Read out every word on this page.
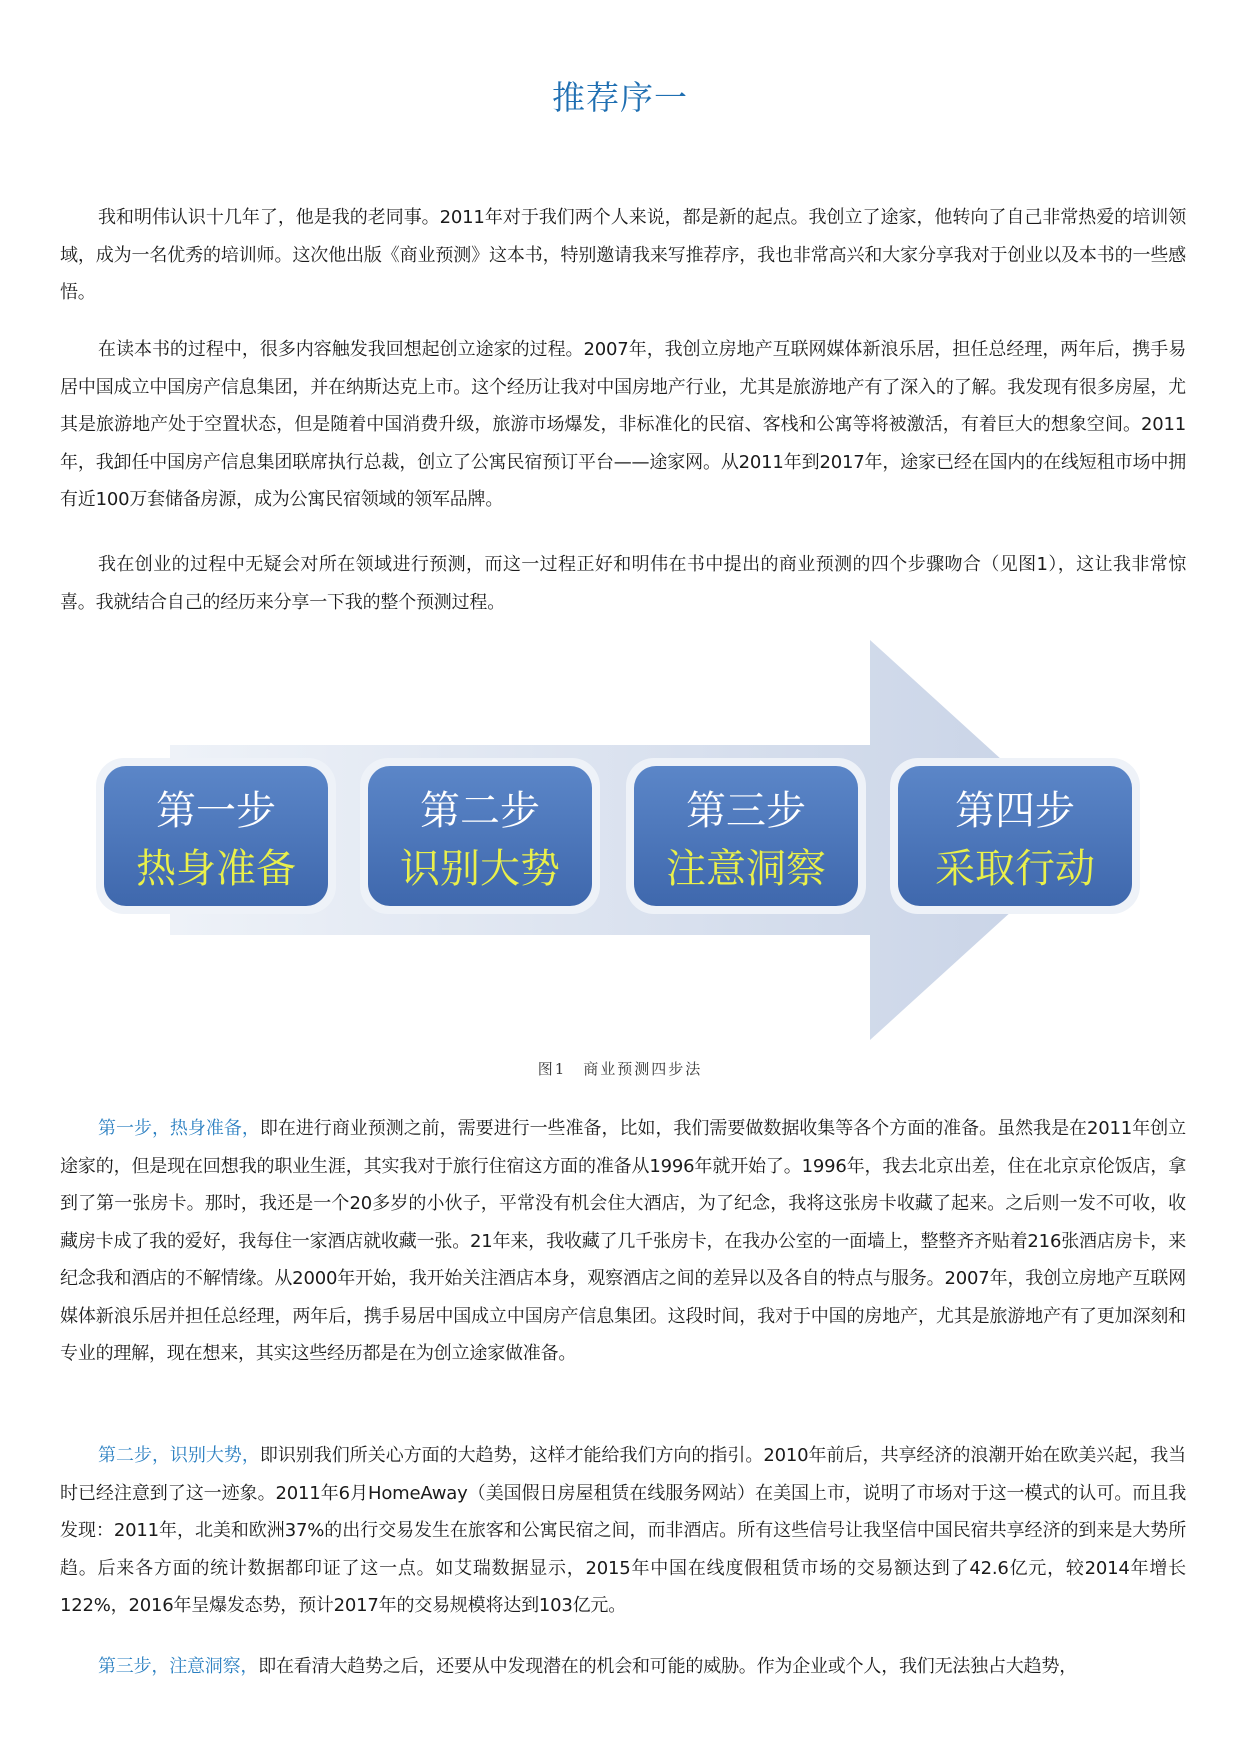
推荐序一

我和明伟认识十几年了，他是我的老同事。2011年对于我们两个人来说，都是新的起点。我创立了途家，他转向了自己非常热爱的培训领域，成为一名优秀的培训师。这次他出版《商业预测》这本书，特别邀请我来写推荐序，我也非常高兴和大家分享我对于创业以及本书的一些感悟。

在读本书的过程中，很多内容触发我回想起创立途家的过程。2007年，我创立房地产互联网媒体新浪乐居，担任总经理，两年后，携手易居中国成立中国房产信息集团，并在纳斯达克上市。这个经历让我对中国房地产行业，尤其是旅游地产有了深入的了解。我发现有很多房屋，尤其是旅游地产处于空置状态，但是随着中国消费升级，旅游市场爆发，非标准化的民宿、客栈和公寓等将被激活，有着巨大的想象空间。2011年，我卸任中国房产信息集团联席执行总裁，创立了公寓民宿预订平台——途家网。从2011年到2017年，途家已经在国内的在线短租市场中拥有近100万套储备房源，成为公寓民宿领域的领军品牌。

我在创业的过程中无疑会对所在领域进行预测，而这一过程正好和明伟在书中提出的商业预测的四个步骤吻合（见图1），这让我非常惊喜。我就结合自己的经历来分享一下我的整个预测过程。

第一步
热身准备
第二步
识别大势
第三步
注意洞察
第四步
采取行动
图1　商业预测四步法

第一步，热身准备，即在进行商业预测之前，需要进行一些准备，比如，我们需要做数据收集等各个方面的准备。虽然我是在2011年创立途家的，但是现在回想我的职业生涯，其实我对于旅行住宿这方面的准备从1996年就开始了。1996年，我去北京出差，住在北京京伦饭店，拿到了第一张房卡。那时，我还是一个20多岁的小伙子，平常没有机会住大酒店，为了纪念，我将这张房卡收藏了起来。之后则一发不可收，收藏房卡成了我的爱好，我每住一家酒店就收藏一张。21年来，我收藏了几千张房卡，在我办公室的一面墙上，整整齐齐贴着216张酒店房卡，来纪念我和酒店的不解情缘。从2000年开始，我开始关注酒店本身，观察酒店之间的差异以及各自的特点与服务。2007年，我创立房地产互联网媒体新浪乐居并担任总经理，两年后，携手易居中国成立中国房产信息集团。这段时间，我对于中国的房地产，尤其是旅游地产有了更加深刻和专业的理解，现在想来，其实这些经历都是在为创立途家做准备。

第二步，识别大势，即识别我们所关心方面的大趋势，这样才能给我们方向的指引。2010年前后，共享经济的浪潮开始在欧美兴起，我当时已经注意到了这一迹象。2011年6月HomeAway（美国假日房屋租赁在线服务网站）在美国上市，说明了市场对于这一模式的认可。而且我发现：2011年，北美和欧洲37%的出行交易发生在旅客和公寓民宿之间，而非酒店。所有这些信号让我坚信中国民宿共享经济的到来是大势所趋。后来各方面的统计数据都印证了这一点。如艾瑞数据显示，2015年中国在线度假租赁市场的交易额达到了42.6亿元，较2014年增长122%，2016年呈爆发态势，预计2017年的交易规模将达到103亿元。

第三步，注意洞察，即在看清大趋势之后，还要从中发现潜在的机会和可能的威胁。作为企业或个人，我们无法独占大趋势，
